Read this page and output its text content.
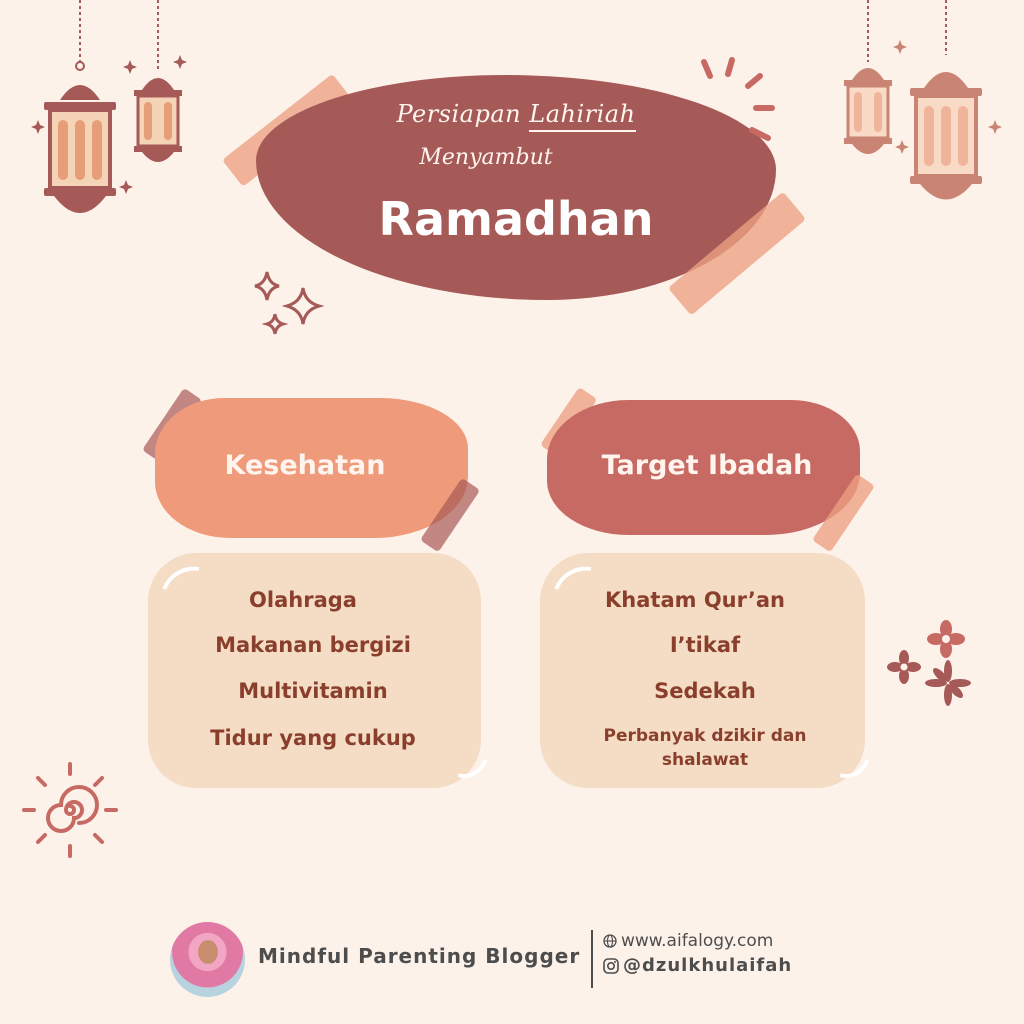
Persiapan Lahiriah
Menyambut
Ramadhan
Kesehatan
Olahraga
Makanan bergizi
Multivitamin
Tidur yang cukup
Target Ibadah
Khatam Qur’an
I’tikaf
Sedekah
Perbanyak dzikir dan
shalawat
Mindful Parenting Blogger
www.aifalogy.com
@dzulkhulaifah
